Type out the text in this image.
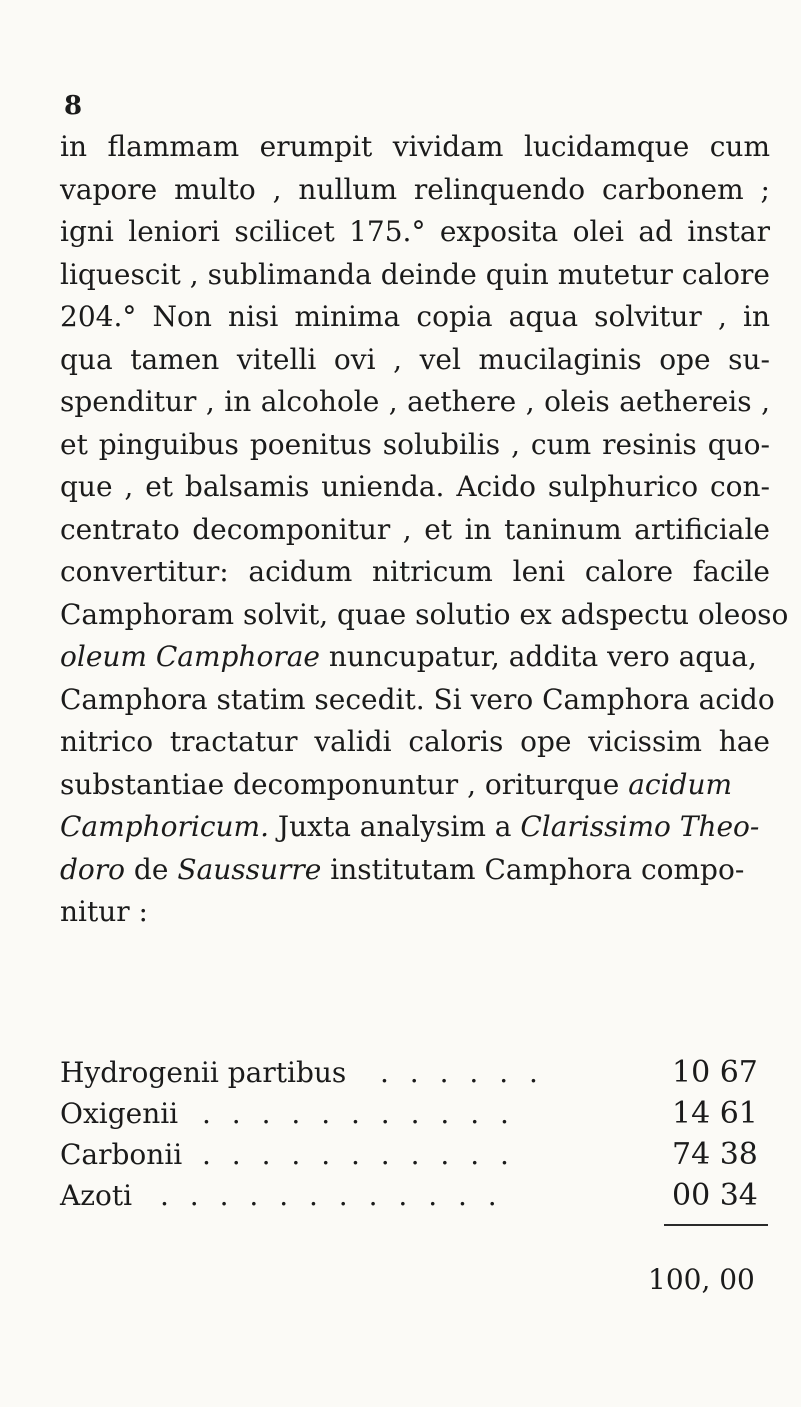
8
in flammam erumpit vividam lucidamque cum
vapore multo , nullum relinquendo carbonem ;
igni leniori scilicet 175.° exposita olei ad instar
liquescit , sublimanda deinde quin mutetur calore
204.° Non nisi minima copia aqua solvitur , in
qua tamen vitelli ovi , vel mucilaginis ope su-
spenditur , in alcohole , aethere , oleis aethereis ,
et pinguibus poenitus solubilis , cum resinis quo-
que , et balsamis unienda. Acido sulphurico con-
centrato decomponitur , et in taninum artificiale
convertitur: acidum nitricum leni calore facile
Camphoram solvit, quae solutio ex adspectu oleoso
oleum Camphorae nuncupatur, addita vero aqua,
Camphora statim secedit. Si vero Camphora acido
nitrico tractatur validi caloris ope vicissim hae
substantiae decomponuntur , oriturque acidum
Camphoricum. Juxta analysim a Clarissimo Theo-
doro de Saussurre institutam Camphora compo-
nitur :
Hydrogenii partibus . . . . . .	10 67
Oxigenii . . . . . . . . . . .	14 61
Carbonii . . . . . . . . . . .	74 38
Azoti . . . . . . . . . . . .	00 34
100, 00
